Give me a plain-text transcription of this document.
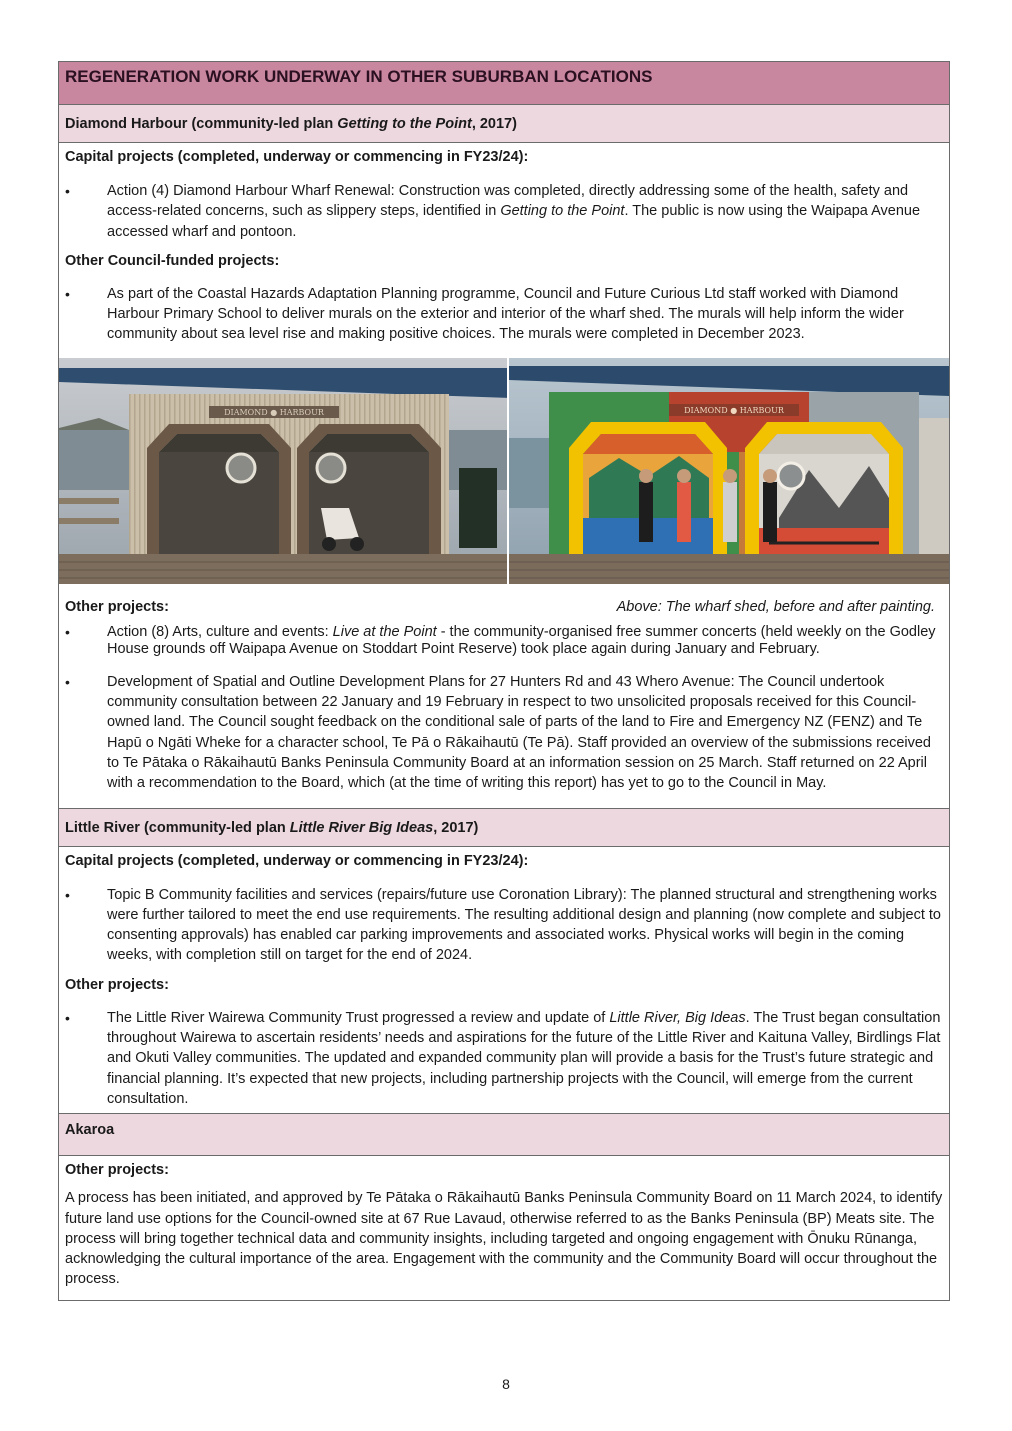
REGENERATION WORK UNDERWAY IN OTHER SUBURBAN LOCATIONS
Diamond Harbour (community-led plan Getting to the Point, 2017)
Capital projects (completed, underway or commencing in FY23/24):
•
Action (4) Diamond Harbour Wharf Renewal: Construction was completed, directly addressing some of the health, safety and access-related concerns, such as slippery steps, identified in Getting to the Point. The public is now using the Waipapa Avenue accessed wharf and pontoon.
Other Council-funded projects:
•
As part of the Coastal Hazards Adaptation Planning programme, Council and Future Curious Ltd staff worked with Diamond Harbour Primary School to deliver murals on the exterior and interior of the wharf shed. The murals will help inform the wider community about sea level rise and making positive choices. The murals were completed in December 2023.
DIAMOND ● HARBOUR	DIAMOND ● HARBOUR
Other projects:	Above: The wharf shed, before and after painting.
•
Action (8) Arts, culture and events: Live at the Point - the community-organised free summer concerts (held weekly on the Godley House grounds off Waipapa Avenue on Stoddart Point Reserve) took place again during January and February.
•
Development of Spatial and Outline Development Plans for 27 Hunters Rd and 43 Whero Avenue: The Council undertook community consultation between 22 January and 19 February in respect to two unsolicited proposals received for this Council-owned land. The Council sought feedback on the conditional sale of parts of the land to Fire and Emergency NZ (FENZ) and Te Hapū o Ngāti Wheke for a character school, Te Pā o Rākaihautū (Te Pā). Staff provided an overview of the submissions received to Te Pātaka o Rākaihautū Banks Peninsula Community Board at an information session on 25 March. Staff returned on 22 April with a recommendation to the Board, which (at the time of writing this report) has yet to go to the Council in May.
Little River (community-led plan Little River Big Ideas, 2017)
Capital projects (completed, underway or commencing in FY23/24):
•
Topic B Community facilities and services (repairs/future use Coronation Library): The planned structural and strengthening works were further tailored to meet the end use requirements. The resulting additional design and planning (now complete and subject to consenting approvals) has enabled car parking improvements and associated works. Physical works will begin in the coming weeks, with completion still on target for the end of 2024.
Other projects:
•
The Little River Wairewa Community Trust progressed a review and update of Little River, Big Ideas. The Trust began consultation throughout Wairewa to ascertain residents’ needs and aspirations for the future of the Little River and Kaituna Valley, Birdlings Flat and Okuti Valley communities. The updated and expanded community plan will provide a basis for the Trust’s future strategic and financial planning. It’s expected that new projects, including partnership projects with the Council, will emerge from the current consultation.
Akaroa
Other projects:
A process has been initiated, and approved by Te Pātaka o Rākaihautū Banks Peninsula Community Board on 11 March 2024, to identify future land use options for the Council-owned site at 67 Rue Lavaud, otherwise referred to as the Banks Peninsula (BP) Meats site. The process will bring together technical data and community insights, including targeted and ongoing engagement with Ōnuku Rūnanga, acknowledging the cultural importance of the area. Engagement with the community and the Community Board will occur throughout the process.
8
